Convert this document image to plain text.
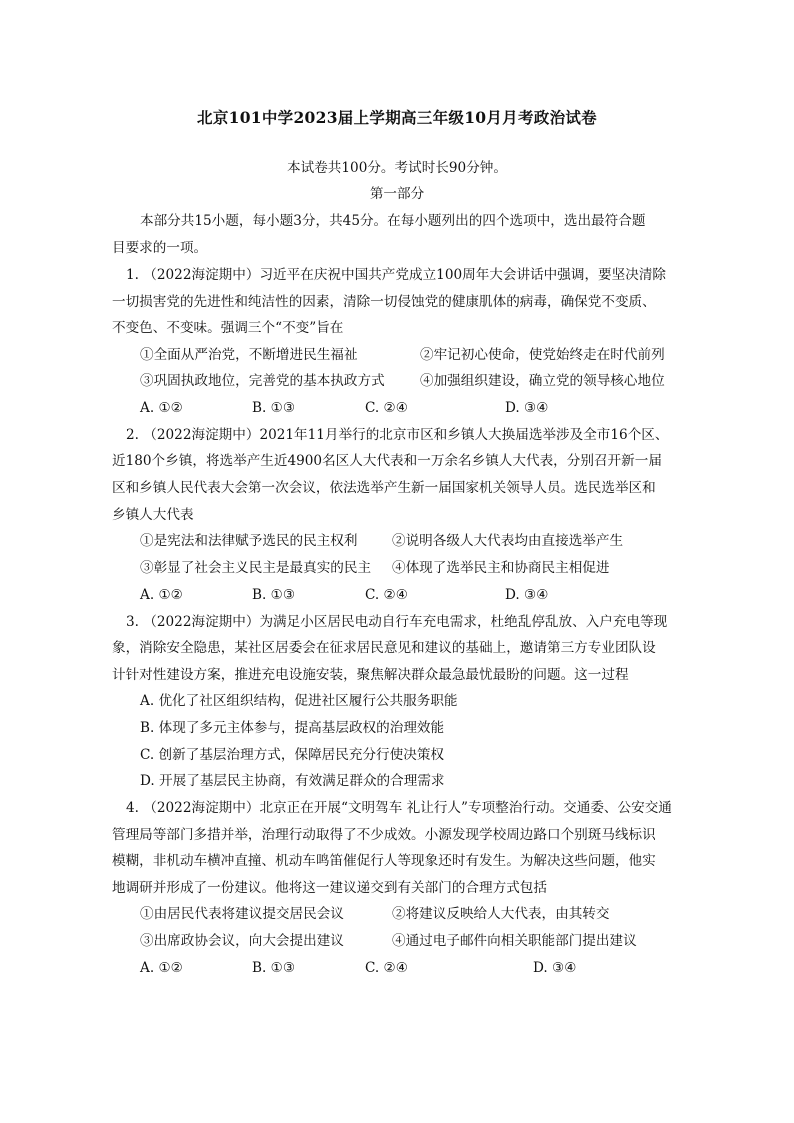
北京101中学2023届上学期高三年级10月月考政治试卷
本试卷共100分。考试时长90分钟。
第一部分
本部分共15小题，每小题3分，共45分。在每小题列出的四个选项中，选出最符合题
目要求的一项。
1. （2022海淀期中）习近平在庆祝中国共产党成立100周年大会讲话中强调，要坚决清除
一切损害党的先进性和纯洁性的因素，清除一切侵蚀党的健康肌体的病毒，确保党不变质、
不变色、不变味。强调三个“不变”旨在
①全面从严治党，不断增进民生福祉	②牢记初心使命，使党始终走在时代前列
③巩固执政地位，完善党的基本执政方式	④加强组织建设，确立党的领导核心地位
A. ①②	B. ①③	C. ②④	D. ③④
2. （2022海淀期中）2021年11月举行的北京市区和乡镇人大换届选举涉及全市16个区、
近180个乡镇，将选举产生近4900名区人大代表和一万余名乡镇人大代表，分别召开新一届
区和乡镇人民代表大会第一次会议，依法选举产生新一届国家机关领导人员。选民选举区和
乡镇人大代表
①是宪法和法律赋予选民的民主权利	②说明各级人大代表均由直接选举产生
③彰显了社会主义民主是最真实的民主 ④体现了选举民主和协商民主相促进
A. ①②	B. ①③	C. ②④	D. ③④
3. （2022海淀期中）为满足小区居民电动自行车充电需求，杜绝乱停乱放、入户充电等现
象，消除安全隐患，某社区居委会在征求居民意见和建议的基础上，邀请第三方专业团队设
计针对性建设方案，推进充电设施安装，聚焦解决群众最急最忧最盼的问题。这一过程
A. 优化了社区组织结构，促进社区履行公共服务职能
B. 体现了多元主体参与，提高基层政权的治理效能
C. 创新了基层治理方式，保障居民充分行使决策权
D. 开展了基层民主协商，有效满足群众的合理需求
4. （2022海淀期中）北京正在开展“文明驾车 礼让行人”专项整治行动。交通委、公安交通
管理局等部门多措并举，治理行动取得了不少成效。小源发现学校周边路口个别斑马线标识
模糊，非机动车横冲直撞、机动车鸣笛催促行人等现象还时有发生。为解决这些问题，他实
地调研并形成了一份建议。他将这一建议递交到有关部门的合理方式包括
①由居民代表将建议提交居民会议	②将建议反映给人大代表，由其转交
③出席政协会议，向大会提出建议	④通过电子邮件向相关职能部门提出建议
A. ①②	B. ①③	C. ②④	D. ③④
